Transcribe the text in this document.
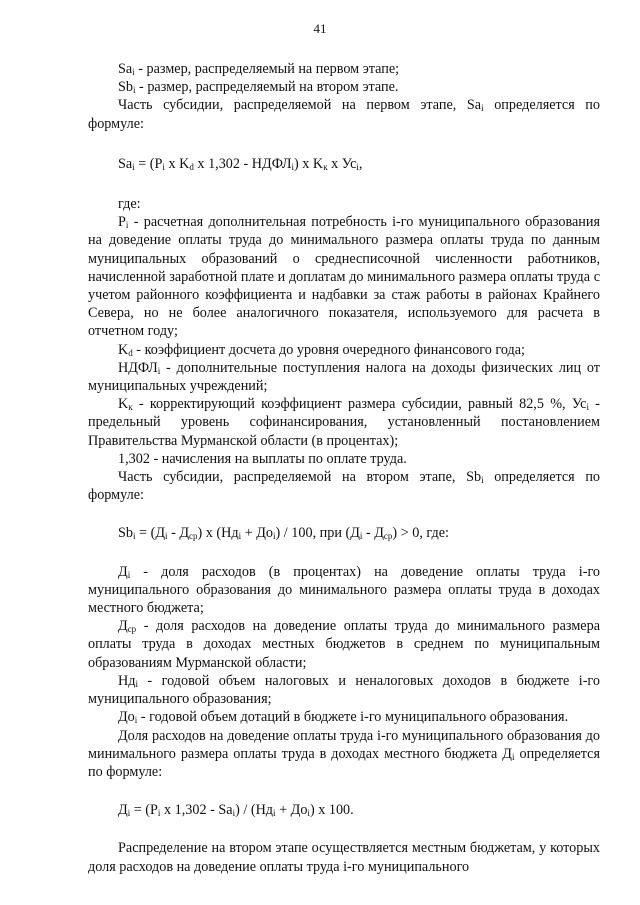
41

$Sa_i$ - размер, распределяемый на первом этапе;

$Sb_i$ - размер, распределяемый на втором этапе.

Часть субсидии, распределяемой на первом этапе, $Sa_i$ определяется по формуле:

$Sa_i = (P_i$ x $K_d$ x $1,302 - НДФЛ_i$) x $K_к$ x $Ус_i$,

где:

$P_i$ - расчетная дополнительная потребность i-го муниципального образования на доведение оплаты труда до минимального размера оплаты труда по данным муниципальных образований о среднесписочной численности работников, начисленной заработной плате и доплатам до минимального размера оплаты труда с учетом районного коэффициента и надбавки за стаж работы в районах Крайнего Севера, но не более аналогичного показателя, используемого для расчета в отчетном году;

$K_d$ - коэффициент досчета до уровня очередного финансового года;

$НДФЛ_i$ - дополнительные поступления налога на доходы физических лиц от муниципальных учреждений;

$K_к$ - корректирующий коэффициент размера субсидии, равный 82,5 %, $Ус_i$ - предельный уровень софинансирования, установленный постановлением Правительства Мурманской области (в процентах);

1,302 - начисления на выплаты по оплате труда.

Часть субсидии, распределяемой на втором этапе, $Sb_i$ определяется по формуле:

$Sb_i = (Д_i - Д_{ср})$ x $(Нд_i + До_i) / 100$, при $(Д_i - Д_{ср}) > 0$, где:

$Д_i$ - доля расходов (в процентах) на доведение оплаты труда i-го муниципального образования до минимального размера оплаты труда в доходах местного бюджета;

$Д_{ср}$ - доля расходов на доведение оплаты труда до минимального размера оплаты труда в доходах местных бюджетов в среднем по муниципальным образованиям Мурманской области;

$Нд_i$ - годовой объем налоговых и неналоговых доходов в бюджете i-го муниципального образования;

$До_i$ - годовой объем дотаций в бюджете i-го муниципального образования.

Доля расходов на доведение оплаты труда i-го муниципального образования до минимального размера оплаты труда в доходах местного бюджета $Д_i$ определяется по формуле:

$Д_i = (P_i$ x $1,302 - Sa_i) / (Нд_i + До_i)$ x 100.

Распределение на втором этапе осуществляется местным бюджетам, у которых доля расходов на доведение оплаты труда i-го муниципального
